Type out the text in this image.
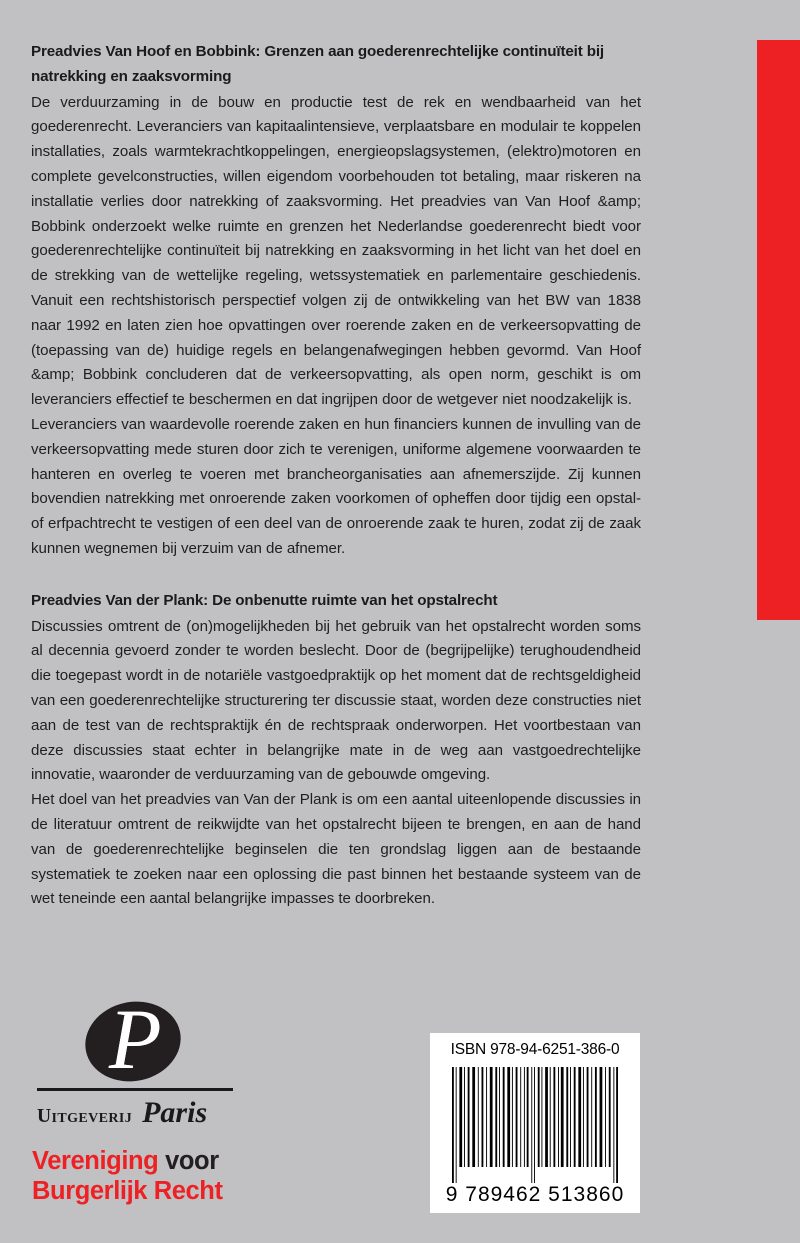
Preadvies Van Hoof en Bobbink: Grenzen aan goederenrechtelijke continuïteit bij natrekking en zaaksvorming

De verduurzaming in de bouw en productie test de rek en wendbaarheid van het goederenrecht. Leveranciers van kapitaalintensieve, verplaatsbare en modulair te koppelen installaties, zoals warmtekrachtkoppelingen, energieopslagsystemen, (elektro)motoren en complete gevelconstructies, willen eigendom voorbehouden tot betaling, maar riskeren na installatie verlies door natrekking of zaaksvorming. Het preadvies van Van Hoof &amp; Bobbink onderzoekt welke ruimte en grenzen het Nederlandse goederenrecht biedt voor goederenrechtelijke continuïteit bij natrekking en zaaksvorming in het licht van het doel en de strekking van de wettelijke regeling, wetssystematiek en parlementaire geschiedenis. Vanuit een rechtshistorisch perspectief volgen zij de ontwikkeling van het BW van 1838 naar 1992 en laten zien hoe opvattingen over roerende zaken en de verkeersopvatting de (toepassing van de) huidige regels en belangenafwegingen hebben gevormd. Van Hoof &amp; Bobbink concluderen dat de verkeersopvatting, als open norm, geschikt is om leveranciers effectief te beschermen en dat ingrijpen door de wetgever niet noodzakelijk is.

Leveranciers van waardevolle roerende zaken en hun financiers kunnen de invulling van de verkeersopvatting mede sturen door zich te verenigen, uniforme algemene voorwaarden te hanteren en overleg te voeren met brancheorganisaties aan afnemerszijde. Zij kunnen bovendien natrekking met onroerende zaken voorkomen of opheffen door tijdig een opstal- of erfpachtrecht te vestigen of een deel van de onroerende zaak te huren, zodat zij de zaak kunnen wegnemen bij verzuim van de afnemer.

Preadvies Van der Plank: De onbenutte ruimte van het opstalrecht

Discussies omtrent de (on)mogelijkheden bij het gebruik van het opstalrecht worden soms al decennia gevoerd zonder te worden beslecht. Door de (begrijpelijke) terughoudendheid die toegepast wordt in de notariële vastgoedpraktijk op het moment dat de rechtsgeldigheid van een goederenrechtelijke structurering ter discussie staat, worden deze constructies niet aan de test van de rechtspraktijk én de rechtspraak onderworpen. Het voortbestaan van deze discussies staat echter in belangrijke mate in de weg aan vastgoedrechtelijke innovatie, waaronder de verduurzaming van de gebouwde omgeving.

Het doel van het preadvies van Van der Plank is om een aantal uiteenlopende discussies in de literatuur omtrent de reikwijdte van het opstalrecht bijeen te brengen, en aan de hand van de goederenrechtelijke beginselen die ten grondslag liggen aan de bestaande systematiek te zoeken naar een oplossing die past binnen het bestaande systeem van de wet teneinde een aantal belangrijke impasses te doorbreken.

P
Uitgeverij Paris
Vereniging voor
Burgerlijk Recht
ISBN 978-94-6251-386-0
9 789462 513860
